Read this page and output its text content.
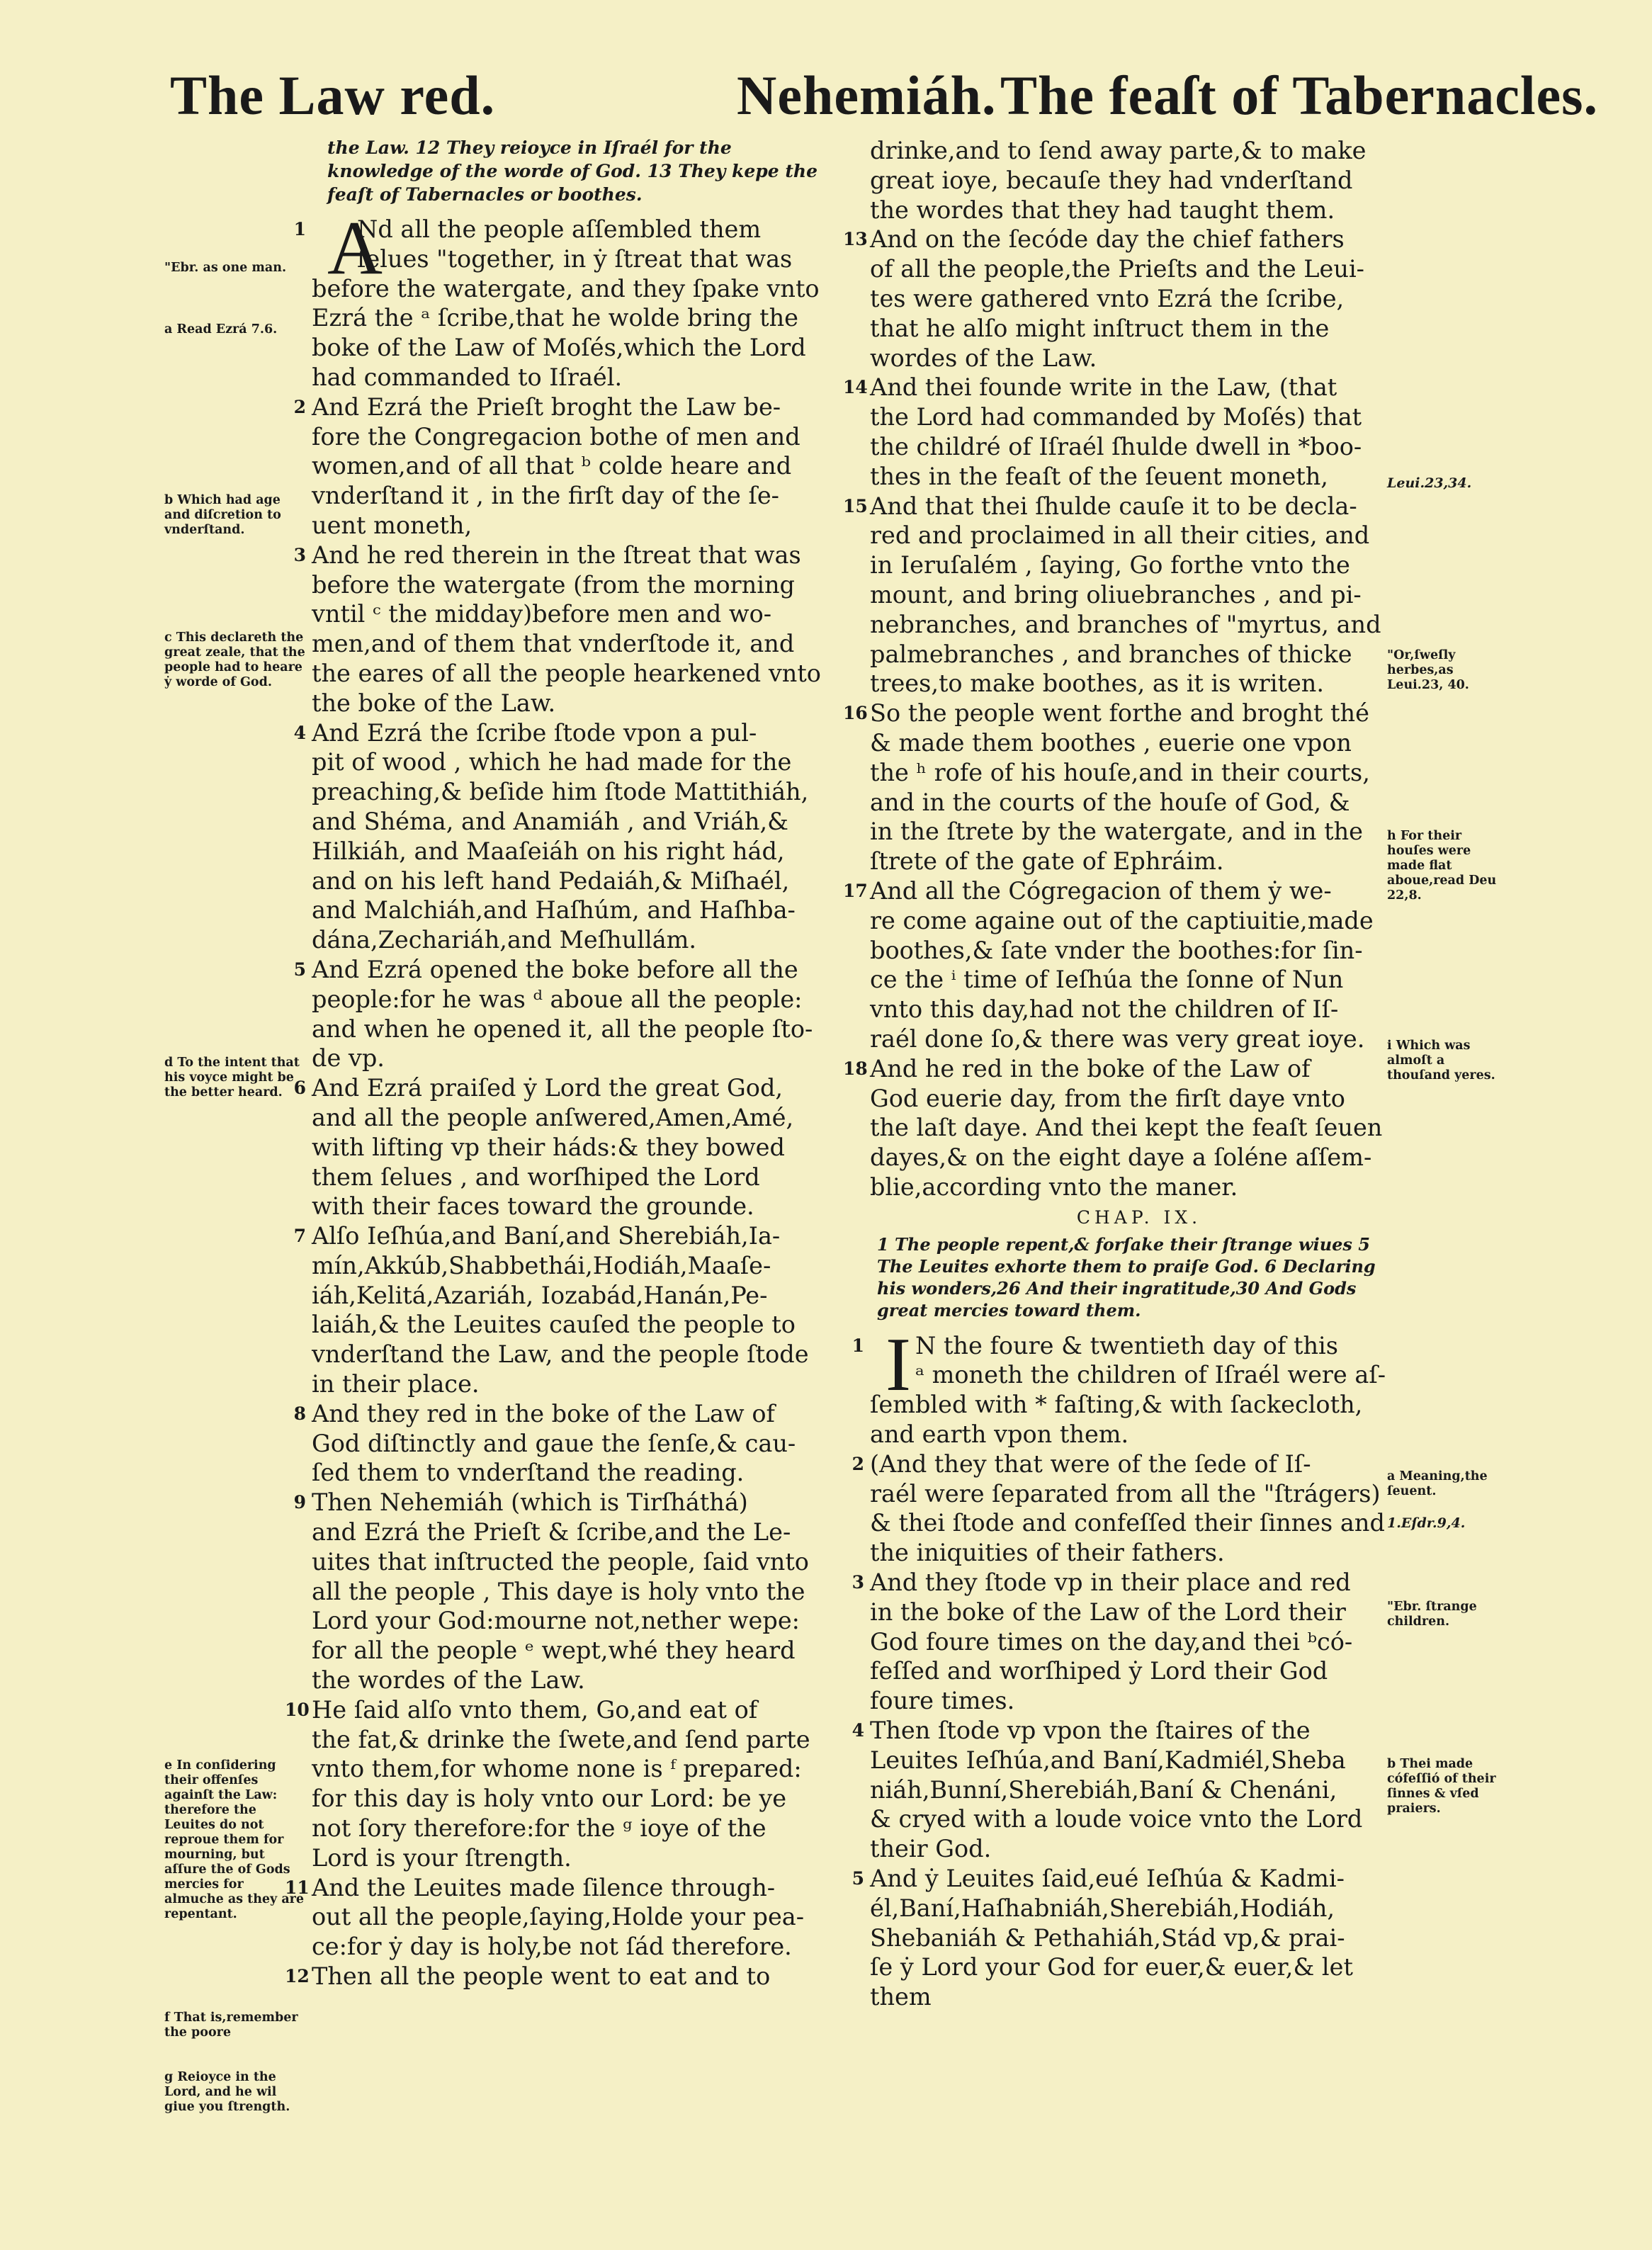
The Law red.	Nehemiáh. The feaſt of Tabernacles.
the Law. 12 They reioyce in Iſraél for the knowledge of the worde of God. 13 They kepe the feaſt of Tabernacles or boothes.
A
1 Nd all the people aſſembled them
ſelues "together, in ẏ ſtreat that was
before the watergate, and they ſpake vnto
Ezrá the ᵃ ſcribe,that he wolde bring the
boke of the Law of Moſés,which the Lord
had commanded to Iſraél.
2 And Ezrá the Prieſt broght the Law be-
fore the Congregacion bothe of men and
women,and of all that ᵇ colde heare and
vnderſtand it , in the firſt day of the ſe-
uent moneth,
3 And he red therein in the ſtreat that was
before the watergate (from the morning
vntil ᶜ the midday)before men and wo-
men,and of them that vnderſtode it, and
the eares of all the people hearkened vnto
the boke of the Law.
4 And Ezrá the ſcribe ſtode vpon a pul-
pit of wood , which he had made for the
preaching,& beſide him ſtode Mattithiáh,
and Shéma, and Anamiáh , and Vriáh,&
Hilkiáh, and Maaſeiáh on his right hád,
and on his left hand Pedaiáh,& Miſhaél,
and Malchiáh,and Haſhúm, and Haſhba-
dána,Zechariáh,and Meſhullám.
5 And Ezrá opened the boke before all the
people:for he was ᵈ aboue all the people:
and when he opened it, all the people ſto-
de vp.
6 And Ezrá praiſed ẏ Lord the great God,
and all the people anſwered,Amen,Amé,
with lifting vp their háds:& they bowed
them ſelues , and worſhiped the Lord
with their faces toward the grounde.
7 Alſo Ieſhúa,and Baní,and Sherebiáh,Ia-
mín,Akkúb,Shabbethái,Hodiáh,Maaſe-
iáh,Kelitá,Azariáh, Iozabád,Hanán,Pe-
laiáh,& the Leuites cauſed the people to
vnderſtand the Law, and the people ſtode
in their place.
8 And they red in the boke of the Law of
God diſtinctly and gaue the ſenſe,& cau-
ſed them to vnderſtand the reading.
9 Then Nehemiáh (which is Tirſháthá)
and Ezrá the Prieſt & ſcribe,and the Le-
uites that inſtructed the people, ſaid vnto
all the people , This daye is holy vnto the
Lord your God:mourne not,nether wepe:
for all the people ᵉ wept,whé they heard
the wordes of the Law.
10 He ſaid alſo vnto them, Go,and eat of
the fat,& drinke the ſwete,and ſend parte
vnto them,for whome none is ᶠ prepared:
for this day is holy vnto our Lord: be ye
not ſory therefore:for the ᵍ ioye of the
Lord is your ſtrength.
11 And the Leuites made ſilence through-
out all the people,ſaying,Holde your pea-
ce:for ẏ day is holy,be not ſád therefore.
12 Then all the people went to eat and to
drinke,and to ſend away parte,& to make
great ioye, becauſe they had vnderſtand
the wordes that they had taught them.
13 And on the ſecóde day the chief fathers
of all the people,the Prieſts and the Leui-
tes were gathered vnto Ezrá the ſcribe,
that he alſo might inſtruct them in the
wordes of the Law.
14 And thei founde write in the Law, (that
the Lord had commanded by Moſés) that
the childré of Iſraél ſhulde dwell in *boo-
thes in the feaſt of the ſeuent moneth,
15 And that thei ſhulde cauſe it to be decla-
red and proclaimed in all their cities, and
in Ieruſalém , ſaying, Go forthe vnto the
mount, and bring oliuebranches , and pi-
nebranches, and branches of "myrtus, and
palmebranches , and branches of thicke
trees,to make boothes, as it is writen.
16 So the people went forthe and broght thé
& made them boothes , euerie one vpon
the ʰ rofe of his houſe,and in their courts,
and in the courts of the houſe of God, &
in the ſtrete by the watergate, and in the
ſtrete of the gate of Ephráim.
17 And all the Cógregacion of them ẏ we-
re come againe out of the captiuitie,made
boothes,& ſate vnder the boothes:for ſin-
ce the ⁱ time of Ieſhúa the ſonne of Nun
vnto this day,had not the children of Iſ-
raél done ſo,& there was very great ioye.
18 And he red in the boke of the Law of
God euerie day, from the firſt daye vnto
the laſt daye. And thei kept the feaſt ſeuen
dayes,& on the eight daye a ſoléne aſſem-
blie,according vnto the maner.
CHAP. IX.
1 The people repent,& forſake their ſtrange wiues 5 The Leuites exhorte them to praiſe God. 6 Declaring his wonders,26 And their ingratitude,30 And Gods great mercies toward them.
I
1 N the foure & twentieth day of this
ᵃ moneth the children of Iſraél were aſ-
ſembled with * faſting,& with ſackecloth,
and earth vpon them.
2 (And they that were of the ſede of Iſ-
raél were ſeparated from all the "ſtrágers)
& thei ſtode and confeſſed their ſinnes and
the iniquities of their fathers.
3 And they ſtode vp in their place and red
in the boke of the Law of the Lord their
God foure times on the day,and thei ᵇcó-
feſſed and worſhiped ẏ Lord their God
foure times.
4 Then ſtode vp vpon the ſtaires of the
Leuites Ieſhúa,and Baní,Kadmiél,Sheba
niáh,Bunní,Sherebiáh,Baní & Chenáni,
& cryed with a loude voice vnto the Lord
their God.
5 And ẏ Leuites ſaid,eué Ieſhúa & Kadmi-
él,Baní,Haſhabniáh,Sherebiáh,Hodiáh,
Shebaniáh & Pethahiáh,Stád vp,& prai-
ſe ẏ Lord your God for euer,& euer,& let
them
"Ebr. as one man.
a Read Ezrá 7.6.
b Which had age and diſcretion to vnderſtand.
c This declareth the great zeale, that the people had to heare ẏ worde of God.
d To the intent that his voyce might be the better heard.
e In conſidering their offenſes againſt the Law: therefore the Leuites do not reproue them for mourning, but aſſure the of Gods mercies for almuche as they are repentant.
f That is,remember the poore
g Reioyce in the Lord, and he wil giue you ſtrength.
Leui.23,34.
"Or,ſweſly herbes,as Leui.23, 40.
h For their houſes were made flat aboue,read Deu 22,8.
i Which was almoſt a thouſand yeres.
a Meaning,the ſeuent.
1.Eſdr.9,4.
"Ebr. ſtrange children.
b Thei made cófeſſió of their ſinnes & vſed praiers.
